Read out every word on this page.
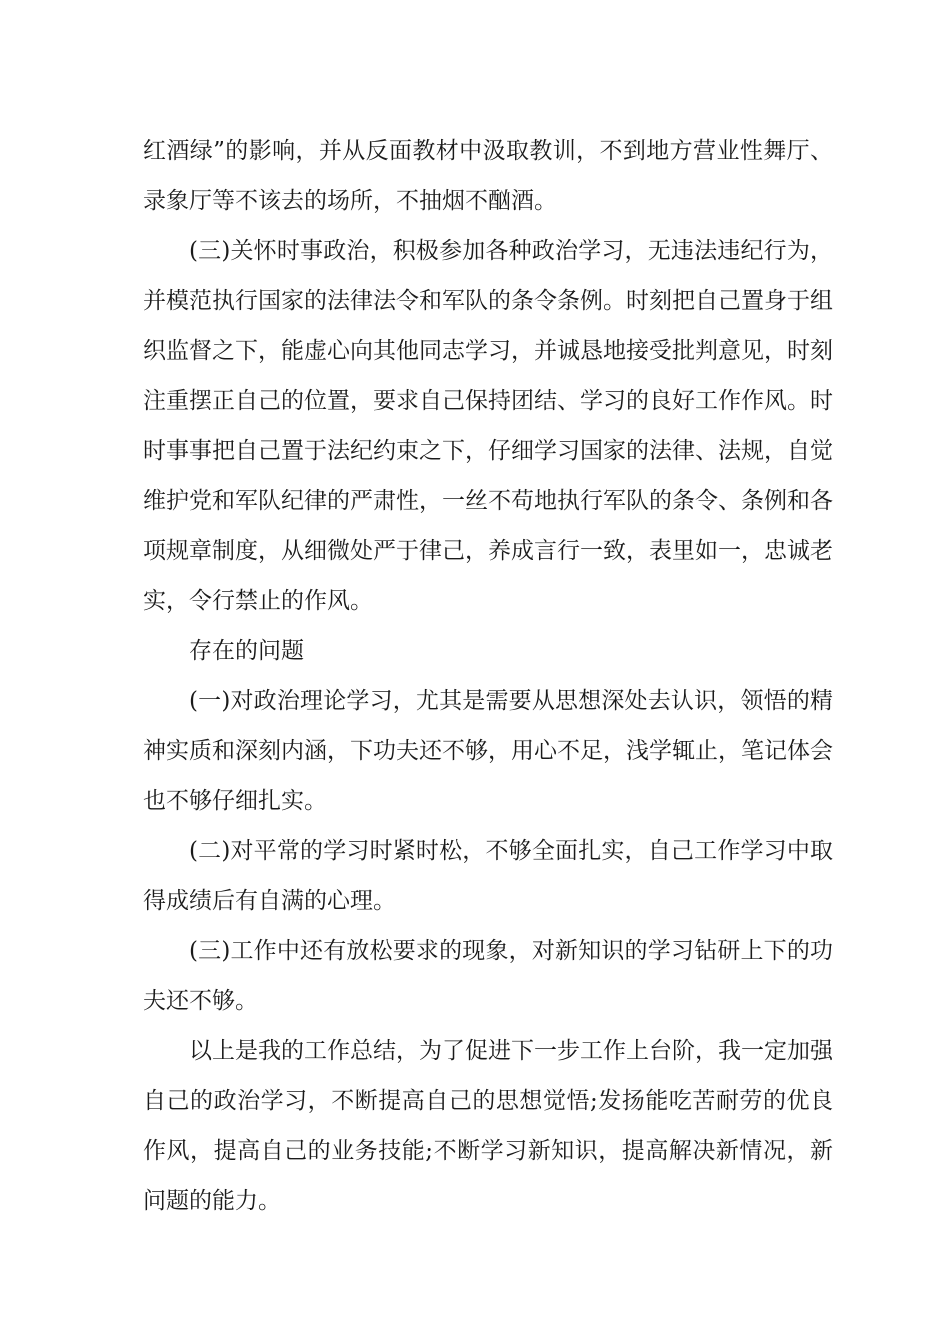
红酒绿”的影响，并从反面教材中汲取教训，不到地方营业性舞厅、录象厅等不该去的场所，不抽烟不酗酒。

(三)关怀时事政治，积极参加各种政治学习，无违法违纪行为，并模范执行国家的法律法令和军队的条令条例。时刻把自己置身于组织监督之下，能虚心向其他同志学习，并诚恳地接受批判意见，时刻注重摆正自己的位置，要求自己保持团结、学习的良好工作作风。时时事事把自己置于法纪约束之下，仔细学习国家的法律、法规，自觉维护党和军队纪律的严肃性，一丝不苟地执行军队的条令、条例和各项规章制度，从细微处严于律己，养成言行一致，表里如一，忠诚老实，令行禁止的作风。

存在的问题

(一)对政治理论学习，尤其是需要从思想深处去认识，领悟的精神实质和深刻内涵，下功夫还不够，用心不足，浅学辄止，笔记体会也不够仔细扎实。

(二)对平常的学习时紧时松，不够全面扎实，自己工作学习中取得成绩后有自满的心理。

(三)工作中还有放松要求的现象，对新知识的学习钻研上下的功夫还不够。

以上是我的工作总结，为了促进下一步工作上台阶，我一定加强自己的政治学习，不断提高自己的思想觉悟;发扬能吃苦耐劳的优良作风，提高自己的业务技能;不断学习新知识，提高解决新情况，新问题的能力。
